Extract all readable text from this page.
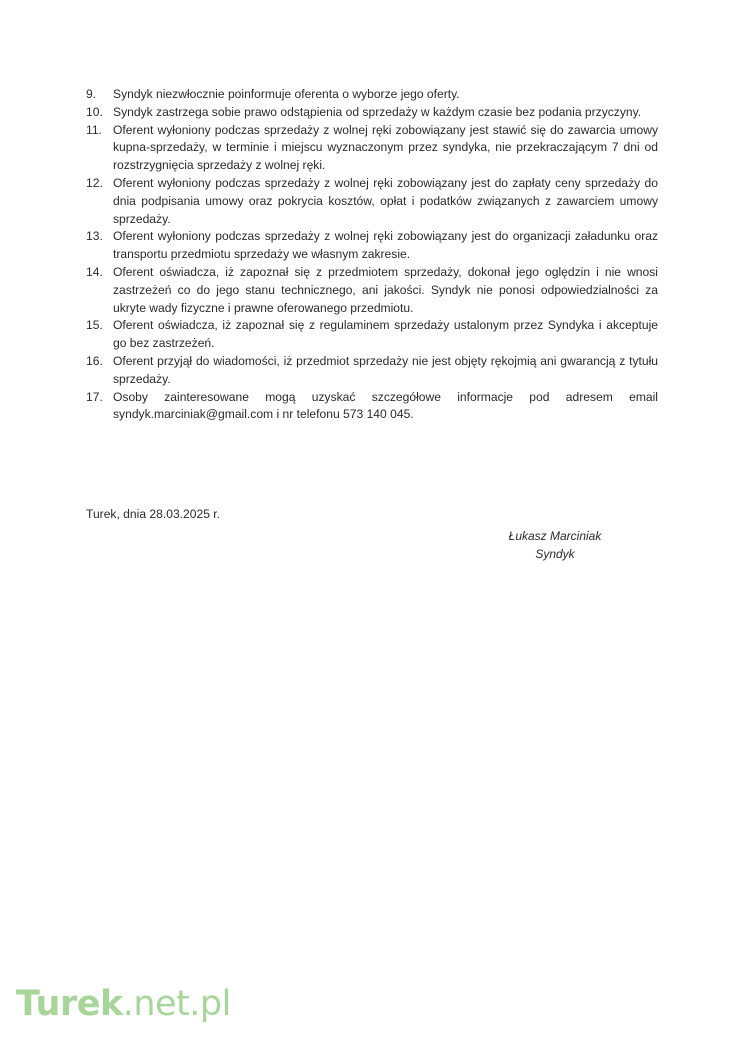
9.	Syndyk niezwłocznie poinformuje oferenta o wyborze jego oferty.
10. Syndyk zastrzega sobie prawo odstąpienia od sprzedaży w każdym czasie bez podania przyczyny.
11. Oferent wyłoniony podczas sprzedaży z wolnej ręki zobowiązany jest stawić się do zawarcia umowy kupna-sprzedaży, w terminie i miejscu wyznaczonym przez syndyka, nie przekraczającym 7 dni od rozstrzygnięcia sprzedaży z wolnej ręki.
12. Oferent wyłoniony podczas sprzedaży z wolnej ręki zobowiązany jest do zapłaty ceny sprzedaży do dnia podpisania umowy oraz pokrycia kosztów, opłat i podatków związanych z zawarciem umowy sprzedaży.
13. Oferent wyłoniony podczas sprzedaży z wolnej ręki zobowiązany jest do organizacji załadunku oraz transportu przedmiotu sprzedaży we własnym zakresie.
14. Oferent oświadcza, iż zapoznał się z przedmiotem sprzedaży, dokonał jego oględzin i nie wnosi zastrzeżeń co do jego stanu technicznego, ani jakości. Syndyk nie ponosi odpowiedzialności za ukryte wady fizyczne i prawne oferowanego przedmiotu.
15. Oferent oświadcza, iż zapoznał się z regulaminem sprzedaży ustalonym przez Syndyka i akceptuje go bez zastrzeżeń.
16. Oferent przyjął do wiadomości, iż przedmiot sprzedaży nie jest objęty rękojmią ani gwarancją z tytułu sprzedaży.
17. Osoby zainteresowane mogą uzyskać szczegółowe informacje pod adresem email syndyk.marciniak@gmail.com i nr telefonu 573 140 045.
Turek, dnia 28.03.2025 r.
Łukasz Marciniak
Syndyk
Turek.net.pl
